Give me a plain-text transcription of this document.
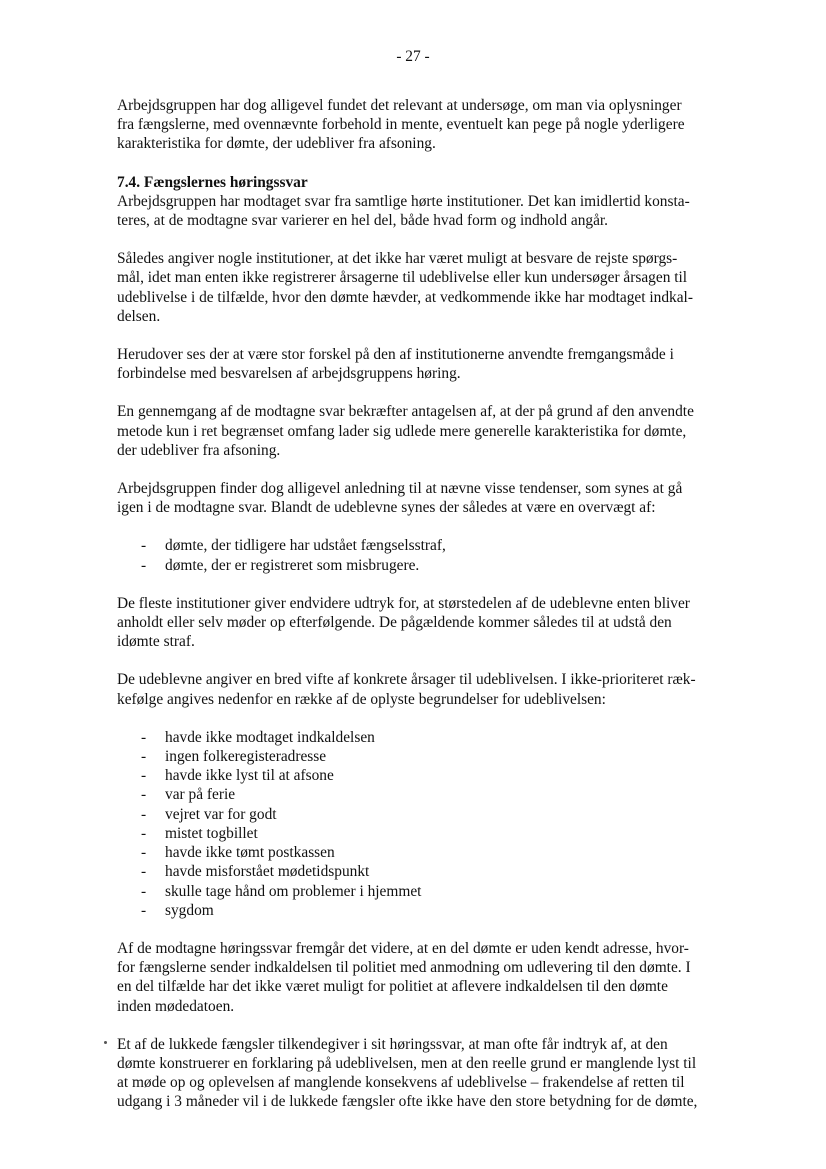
- 27 -

Arbejdsgruppen har dog alligevel fundet det relevant at undersøge, om man via oplysninger
fra fængslerne, med ovennævnte forbehold in mente, eventuelt kan pege på nogle yderligere
karakteristika for dømte, der udebliver fra afsoning.

7.4. Fængslernes høringssvar
Arbejdsgruppen har modtaget svar fra samtlige hørte institutioner. Det kan imidlertid konsta-
teres, at de modtagne svar varierer en hel del, både hvad form og indhold angår.

Således angiver nogle institutioner, at det ikke har været muligt at besvare de rejste spørgs-
mål, idet man enten ikke registrerer årsagerne til udeblivelse eller kun undersøger årsagen til
udeblivelse i de tilfælde, hvor den dømte hævder, at vedkommende ikke har modtaget indkal-
delsen.

Herudover ses der at være stor forskel på den af institutionerne anvendte fremgangsmåde i
forbindelse med besvarelsen af arbejdsgruppens høring.

En gennemgang af de modtagne svar bekræfter antagelsen af, at der på grund af den anvendte
metode kun i ret begrænset omfang lader sig udlede mere generelle karakteristika for dømte,
der udebliver fra afsoning.

Arbejdsgruppen finder dog alligevel anledning til at nævne visse tendenser, som synes at gå
igen i de modtagne svar. Blandt de udeblevne synes der således at være en overvægt af:

- dømte, der tidligere har udstået fængselsstraf,
- dømte, der er registreret som misbrugere.

De fleste institutioner giver endvidere udtryk for, at størstedelen af de udeblevne enten bliver
anholdt eller selv møder op efterfølgende. De pågældende kommer således til at udstå den
idømte straf.

De udeblevne angiver en bred vifte af konkrete årsager til udeblivelsen. I ikke-prioriteret ræk-
kefølge angives nedenfor en række af de oplyste begrundelser for udeblivelsen:

- havde ikke modtaget indkaldelsen
- ingen folkeregisteradresse
- havde ikke lyst til at afsone
- var på ferie
- vejret var for godt
- mistet togbillet
- havde ikke tømt postkassen
- havde misforstået mødetidspunkt
- skulle tage hånd om problemer i hjemmet
- sygdom

Af de modtagne høringssvar fremgår det videre, at en del dømte er uden kendt adresse, hvor-
for fængslerne sender indkaldelsen til politiet med anmodning om udlevering til den dømte. I
en del tilfælde har det ikke været muligt for politiet at aflevere indkaldelsen til den dømte
inden mødedatoen.

Et af de lukkede fængsler tilkendegiver i sit høringssvar, at man ofte får indtryk af, at den
dømte konstruerer en forklaring på udeblivelsen, men at den reelle grund er manglende lyst til
at møde op og oplevelsen af manglende konsekvens af udeblivelse – frakendelse af retten til
udgang i 3 måneder vil i de lukkede fængsler ofte ikke have den store betydning for de dømte,
